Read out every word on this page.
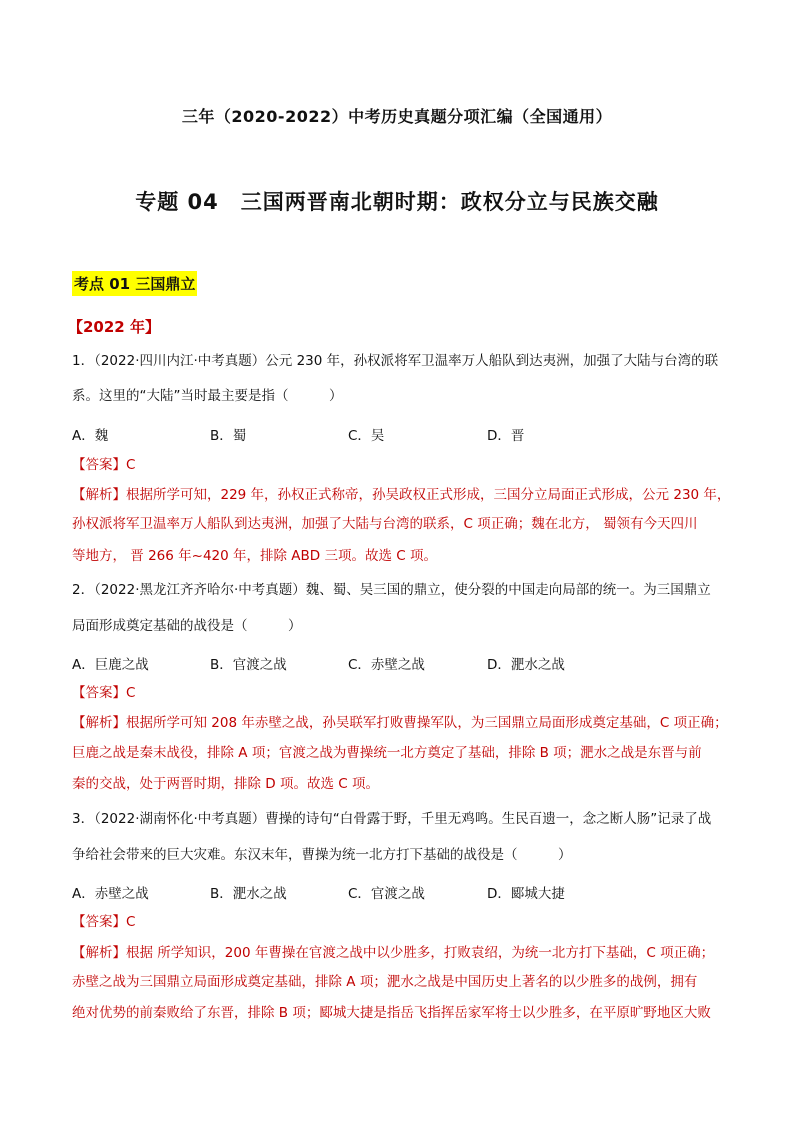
三年（2020-2022）中考历史真题分项汇编（全国通用）
专题 04　三国两晋南北朝时期：政权分立与民族交融
考点 01 三国鼎立
【2022 年】
1．（2022·四川内江·中考真题）公元 230 年，孙权派将军卫温率万人船队到达夷洲，加强了大陆与台湾的联
系。这里的“大陆”当时最主要是指（　　　）
A．魏	B．蜀	C．吴	D．晋
【答案】C
【解析】根据所学可知，229 年，孙权正式称帝，孙吴政权正式形成，三国分立局面正式形成，公元 230 年，
孙权派将军卫温率万人船队到达夷洲，加强了大陆与台湾的联系，C 项正确；魏在北方， 蜀领有今天四川
等地方， 晋 266 年~420 年，排除 ABD 三项。故选 C 项。
2．（2022·黑龙江齐齐哈尔·中考真题）魏、蜀、吴三国的鼎立，使分裂的中国走向局部的统一。为三国鼎立
局面形成奠定基础的战役是（　　　）
A．巨鹿之战	B．官渡之战	C．赤壁之战	D．淝水之战
【答案】C
【解析】根据所学可知 208 年赤壁之战，孙吴联军打败曹操军队，为三国鼎立局面形成奠定基础，C 项正确；
巨鹿之战是秦末战役，排除 A 项；官渡之战为曹操统一北方奠定了基础，排除 B 项；淝水之战是东晋与前
秦的交战，处于两晋时期，排除 D 项。故选 C 项。
3．（2022·湖南怀化·中考真题）曹操的诗句“白骨露于野，千里无鸡鸣。生民百遗一，念之断人肠”记录了战
争给社会带来的巨大灾难。东汉末年，曹操为统一北方打下基础的战役是（　　　）
A．赤壁之战	B．淝水之战	C．官渡之战	D．郾城大捷
【答案】C
【解析】根据 所学知识，200 年曹操在官渡之战中以少胜多，打败袁绍，为统一北方打下基础，C 项正确；
赤壁之战为三国鼎立局面形成奠定基础，排除 A 项；淝水之战是中国历史上著名的以少胜多的战例，拥有
绝对优势的前秦败给了东晋，排除 B 项；郾城大捷是指岳飞指挥岳家军将士以少胜多，在平原旷野地区大败
